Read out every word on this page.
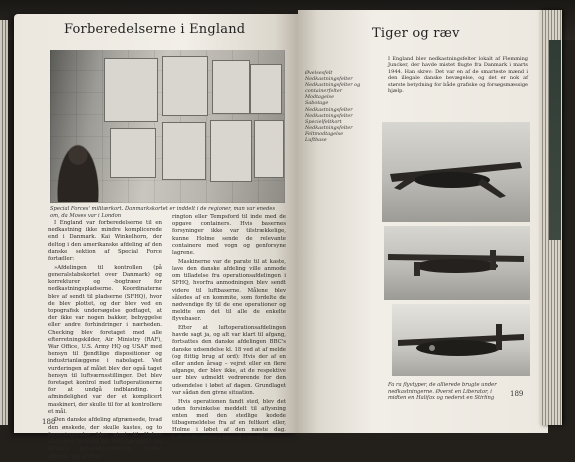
Forberedelserne i England
Special Forces' militærkort. Danmarkskortet er inddelt i de regioner, man var enedes om, da Moses var i London

I England var forberedelserne til en nedkastning ikke mindre komplicerede end i Danmark. Kai Winkelhorn, der deltog i den amerikanske afdeling af den danske sektion af Special Force fortæller:

»Afdelingen til kontrollen (på generalstabskortet over Danmark) og korrekturer og -bogtræer for nedkastningspladserne. Koordinaterne blev af sendt til pladserne (SFHQ), hvor de blev plottet, og der blev ved en topografisk undersøgelse godtaget, at der ikke var nogen bakker, bebyggelse eller andre forhindringer i nærheden. Checking blev foretaget med alle efterretningskilder, Air Ministry (RAF), War Office, U.S. Army HQ og USAF med hensyn til fjendtlige dispositioner og industrianlæggene i nabolaget. Ved vurderingen af målet blev der også taget hensyn til luftværnsstillinger. Det blev foretaget kontrol med luftoperationerne for at undgå indblanding. I afmindelighed var der et komplicert maskineri, der skulle til for at kontrollere et mål.

Den danske afdeling afgrænsede, hvad den ønskede, der skulle kastes, og to forsyningsruter blev givet til Holme stationen (nybemt for Peterborough) via SFHQ's forsyningsafdeling. Holme skrevde sig, at Har-

rington eller Tempsford til inde med de opgave containers. Hvis basernes forsyninger ikke var tilstrækkelige, kunne Holme sende de relevante containere med vogn og genforsyne lagrene.

Maskinerne var de parate til at kaste, lave den danske afdeling ville anmode om tilladelse fra operationsafdelingen i SFHQ, hvorfra anmodningen blev sendt videre til luftbaserne. Målene blev således af en kommite, som fordelte de nødvendige fly til de ene operationer og meldte om det til alle de enkelte flyvebaser.

Efter at luftoperationsafdelingen havde sagt ja, og alt var klart til afgang, fortsattes den danske afdelingen BBC's danske udsendelse kl. 18 ved at af melde (og flittig brug af ord): Hvis der af en eller anden årsag – vejret eller en flere afgange, der blev ikke, at de respektive uer blev udmeldt vedrørende for den udsendelse i løbet af dagen. Grundlaget var sådan den givne situation.

Hvis operationen fandt sted, blev det uden forsinkelse meddelt til aflysning enten med den stedlige kodede tilbagemeldelse fra af en feltkort eller, Holme i løbet af den næste dag. Luftstøtteafdeling blev så i bered.

188
Tiger og ræv
I England blev nedkastningsfelter lokalt af Flemming Juncker, der havde mistet flugte fra Danmark i marts 1944. Han skrev: Det var en af de smarteste mænd i den illegale danske bevægelse, og det er nok af største betydning for både grafiske og forsøgsmæssige hjælp.
Øvelsesfelt
Nedkastningsfelter
Nedkastningsfelter og containerfelter
Modtagelse
Sabotage
Nedkastningsfelter
Nedkastningsfelter
Specielfeltkort
Nedkastningsfelter
Feltmodtagelse
Luftbase
Fa ra flyvtyper, de allierede brugte under nedkastningerne. Øverst en Liberator, i midten en Halifax og nederst en Stirling
189
